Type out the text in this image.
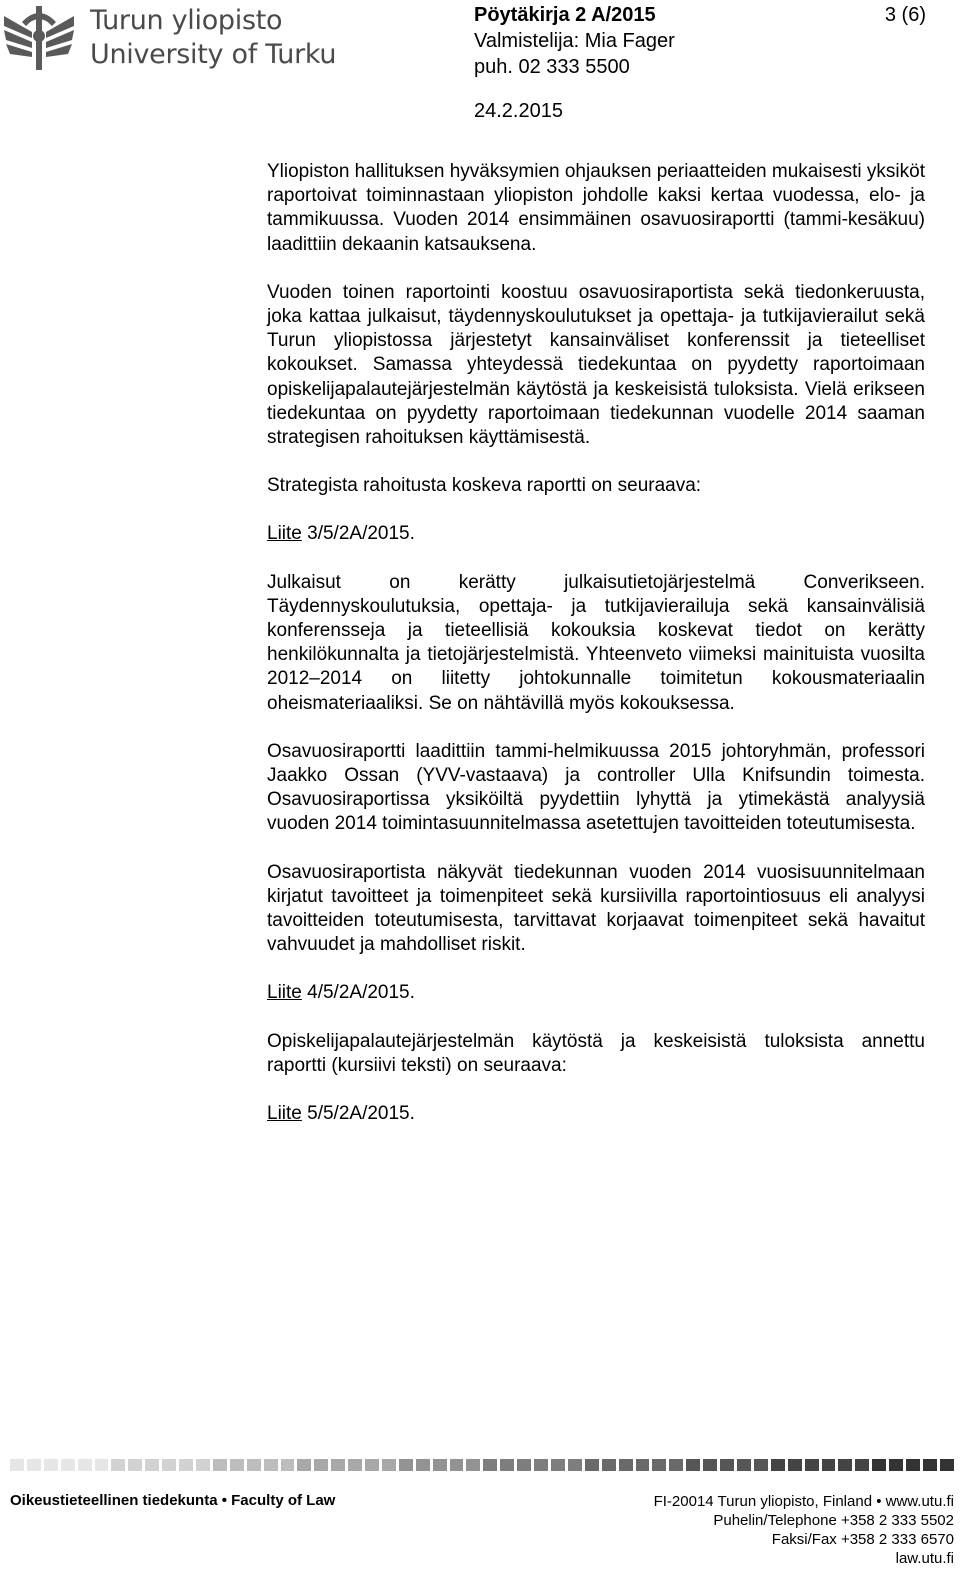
Turun yliopisto
University of Turku
Pöytäkirja 2 A/2015
Valmistelija: Mia Fager
puh. 02 333 5500
3 (6)
24.2.2015

Yliopiston hallituksen hyväksymien ohjauksen periaatteiden mukaisesti yksiköt raportoivat toiminnastaan yliopiston johdolle kaksi kertaa vuodessa, elo- ja tammikuussa. Vuoden 2014 ensimmäinen osavuosiraportti (tammi-kesäkuu) laadittiin dekaanin katsauksena.

Vuoden toinen raportointi koostuu osavuosiraportista sekä tiedonkeruusta, joka kattaa julkaisut, täydennyskoulutukset ja opettaja- ja tutkijavierailut sekä Turun yliopistossa järjestetyt kansainväliset konferenssit ja tieteelliset kokoukset. Samassa yhteydessä tiedekuntaa on pyydetty raportoimaan opiskelijapalautejärjestelmän käytöstä ja keskeisistä tuloksista. Vielä erikseen tiedekuntaa on pyydetty raportoimaan tiedekunnan vuodelle 2014 saaman strategisen rahoituksen käyttämisestä.

Strategista rahoitusta koskeva raportti on seuraava:

Liite 3/5/2A/2015.

Julkaisut on kerätty julkaisutietojärjestelmä Converikseen. Täydennyskoulutuksia, opettaja- ja tutkijavierailuja sekä kansainvälisiä konferensseja ja tieteellisiä kokouksia koskevat tiedot on kerätty henkilökunnalta ja tietojärjestelmistä. Yhteenveto viimeksi mainituista vuosilta 2012–2014 on liitetty johtokunnalle toimitetun kokousmateriaalin oheismateriaaliksi. Se on nähtävillä myös kokouksessa.

Osavuosiraportti laadittiin tammi-helmikuussa 2015 johtoryhmän, professori Jaakko Ossan (YVV-vastaava) ja controller Ulla Knifsundin toimesta. Osavuosiraportissa yksiköiltä pyydettiin lyhyttä ja ytimekästä analyysiä vuoden 2014 toimintasuunnitelmassa asetettujen tavoitteiden toteutumisesta.

Osavuosiraportista näkyvät tiedekunnan vuoden 2014 vuosisuunnitelmaan kirjatut tavoitteet ja toimenpiteet sekä kursiivilla raportointiosuus eli analyysi tavoitteiden toteutumisesta, tarvittavat korjaavat toimenpiteet sekä havaitut vahvuudet ja mahdolliset riskit.

Liite 4/5/2A/2015.

Opiskelijapalautejärjestelmän käytöstä ja keskeisistä tuloksista annettu raportti (kursiivi teksti) on seuraava:

Liite 5/5/2A/2015.

Oikeustieteellinen tiedekunta • Faculty of Law	FI-20014 Turun yliopisto, Finland • www.utu.fi
Puhelin/Telephone +358 2 333 5502
Faksi/Fax +358 2 333 6570
law.utu.fi
